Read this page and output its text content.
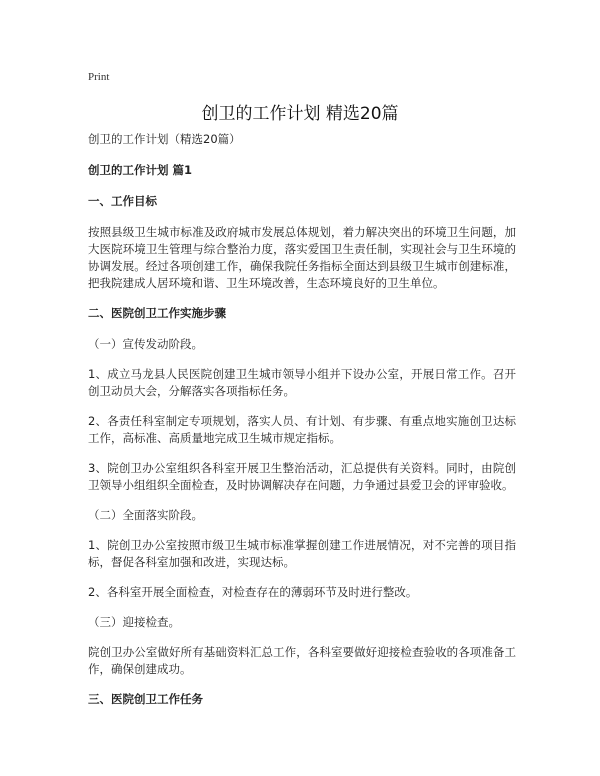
Print
创卫的工作计划 精选20篇
创卫的工作计划（精选20篇）
创卫的工作计划 篇1
一、工作目标
按照县级卫生城市标准及政府城市发展总体规划，着力解决突出的环境卫生问题，加大医院环境卫生管理与综合整治力度，落实爱国卫生责任制，实现社会与卫生环境的协调发展。经过各项创建工作，确保我院任务指标全面达到县级卫生城市创建标准，把我院建成人居环境和谐、卫生环境改善，生态环境良好的卫生单位。
二、医院创卫工作实施步骤
（一）宣传发动阶段。
1、成立马龙县人民医院创建卫生城市领导小组并下设办公室，开展日常工作。召开创卫动员大会，分解落实各项指标任务。
2、各责任科室制定专项规划，落实人员、有计划、有步骤、有重点地实施创卫达标工作，高标准、高质量地完成卫生城市规定指标。
3、院创卫办公室组织各科室开展卫生整治活动，汇总提供有关资料。同时，由院创卫领导小组组织全面检查，及时协调解决存在问题，力争通过县爱卫会的评审验收。
（二）全面落实阶段。
1、院创卫办公室按照市级卫生城市标准掌握创建工作进展情况，对不完善的项目指标，督促各科室加强和改进，实现达标。
2、各科室开展全面检查，对检查存在的薄弱环节及时进行整改。
（三）迎接检查。
院创卫办公室做好所有基础资料汇总工作，各科室要做好迎接检查验收的各项准备工作，确保创建成功。
三、医院创卫工作任务
